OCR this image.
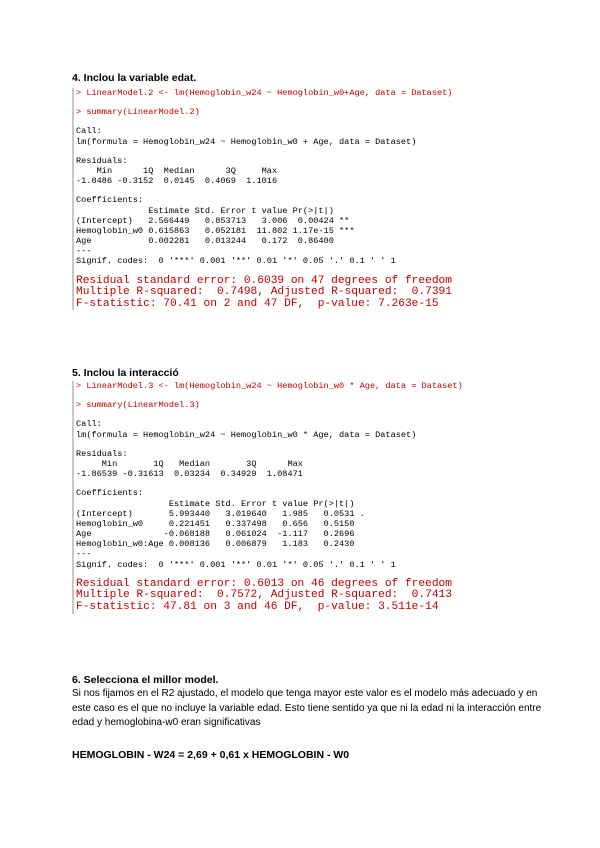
4. Inclou la variable edat.
> LinearModel.2 <- lm(Hemoglobin_w24 ~ Hemoglobin_w0+Age, data = Dataset)
> summary(LinearModel.2)
Call:
lm(formula = Hemoglobin_w24 ~ Hemoglobin_w0 + Age, data = Dataset)
Residuals:
Min      1Q  Median      3Q     Max
-1.8486 -0.3152  0.0145  0.4069  1.1016
Coefficients:
Estimate Std. Error t value Pr(>|t|)
(Intercept)   2.566449   0.853713   3.006  0.00424 **
Hemoglobin_w0 0.615863   0.052181  11.802 1.17e-15 ***
Age           0.002281   0.013244   0.172  0.86400
---
Signif. codes:  0 '***' 0.001 '**' 0.01 '*' 0.05 '.' 0.1 ' ' 1
Residual standard error: 0.6039 on 47 degrees of freedom
Multiple R-squared:  0.7498, Adjusted R-squared:  0.7391
F-statistic: 70.41 on 2 and 47 DF,  p-value: 7.263e-15
5. Inclou la interacció
> LinearModel.3 <- lm(Hemoglobin_w24 ~ Hemoglobin_w0 * Age, data = Dataset)
> summary(LinearModel.3)
Call:
lm(formula = Hemoglobin_w24 ~ Hemoglobin_w0 * Age, data = Dataset)
Residuals:
Min       1Q   Median       3Q      Max
-1.86539 -0.31613  0.03234  0.34929  1.08471
Coefficients:
Estimate Std. Error t value Pr(>|t|)
(Intercept)       5.993440   3.019640   1.985   0.0531 .
Hemoglobin_w0     0.221451   0.337498   0.656   0.5150
Age              -0.068188   0.061024  -1.117   0.2696
Hemoglobin_w0:Age 0.008136   0.006879   1.183   0.2430
---
Signif. codes:  0 '***' 0.001 '**' 0.01 '*' 0.05 '.' 0.1 ' ' 1
Residual standard error: 0.6013 on 46 degrees of freedom
Multiple R-squared:  0.7572, Adjusted R-squared:  0.7413
F-statistic: 47.81 on 3 and 46 DF,  p-value: 3.511e-14
6. Selecciona el millor model.
Si nos fijamos en el R2 ajustado, el modelo que tenga mayor este valor es el modelo más adecuado y en este caso es el que no incluye la variable edad. Esto tiene sentido ya que ni la edad ni la interacción entre edad y hemoglobina-w0 eran significativas
HEMOGLOBIN - W24 = 2,69 + 0,61 x HEMOGLOBIN - W0
